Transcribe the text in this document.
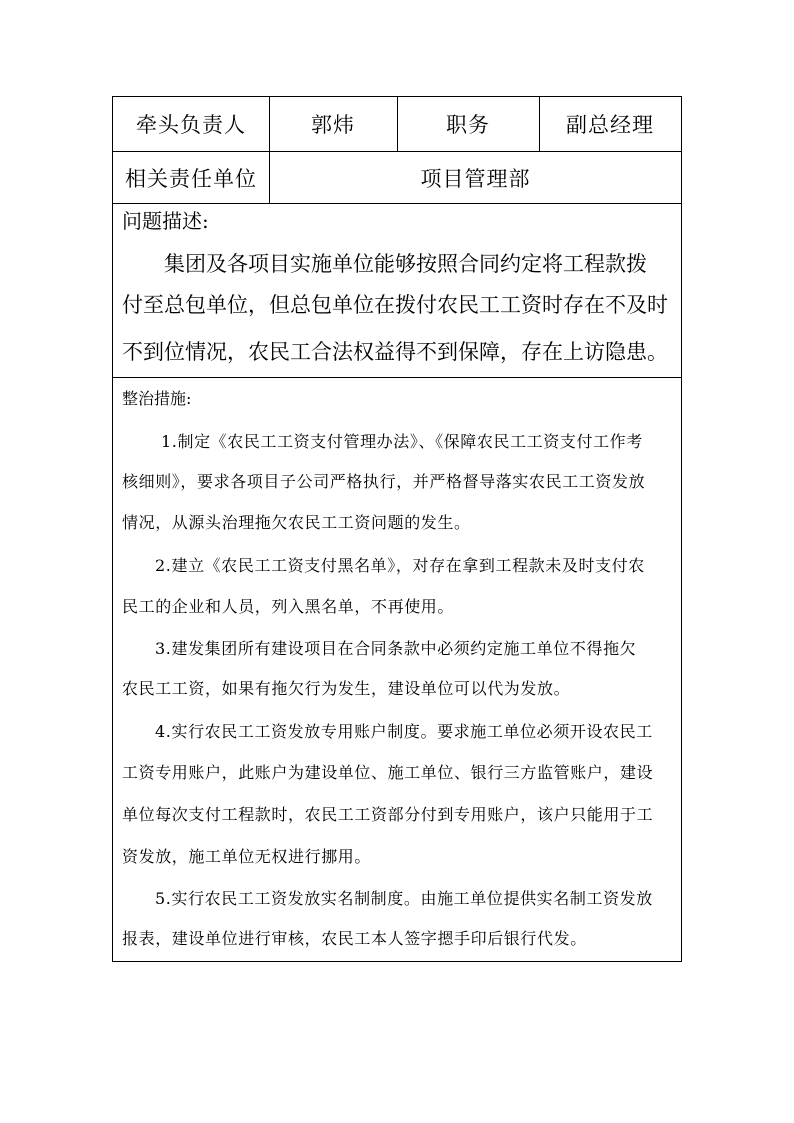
牵头负责人	郭炜	职务	副总经理
相关责任单位	项目管理部
问题描述:
集团及各项目实施单位能够按照合同约定将工程款拨
付至总包单位，但总包单位在拨付农民工工资时存在不及时
不到位情况，农民工合法权益得不到保障，存在上访隐患。
整治措施:
1.制定《农民工工资支付管理办法》、《保障农民工工资支付工作考
核细则》，要求各项目子公司严格执行，并严格督导落实农民工工资发放
情况，从源头治理拖欠农民工工资问题的发生。
2.建立《农民工工资支付黑名单》，对存在拿到工程款未及时支付农
民工的企业和人员，列入黑名单，不再使用。
3.建发集团所有建设项目在合同条款中必须约定施工单位不得拖欠
农民工工资，如果有拖欠行为发生，建设单位可以代为发放。
4.实行农民工工资发放专用账户制度。要求施工单位必须开设农民工
工资专用账户，此账户为建设单位、施工单位、银行三方监管账户，建设
单位每次支付工程款时，农民工工资部分付到专用账户，该户只能用于工
资发放，施工单位无权进行挪用。
5.实行农民工工资发放实名制制度。由施工单位提供实名制工资发放
报表，建设单位进行审核，农民工本人签字摁手印后银行代发。
